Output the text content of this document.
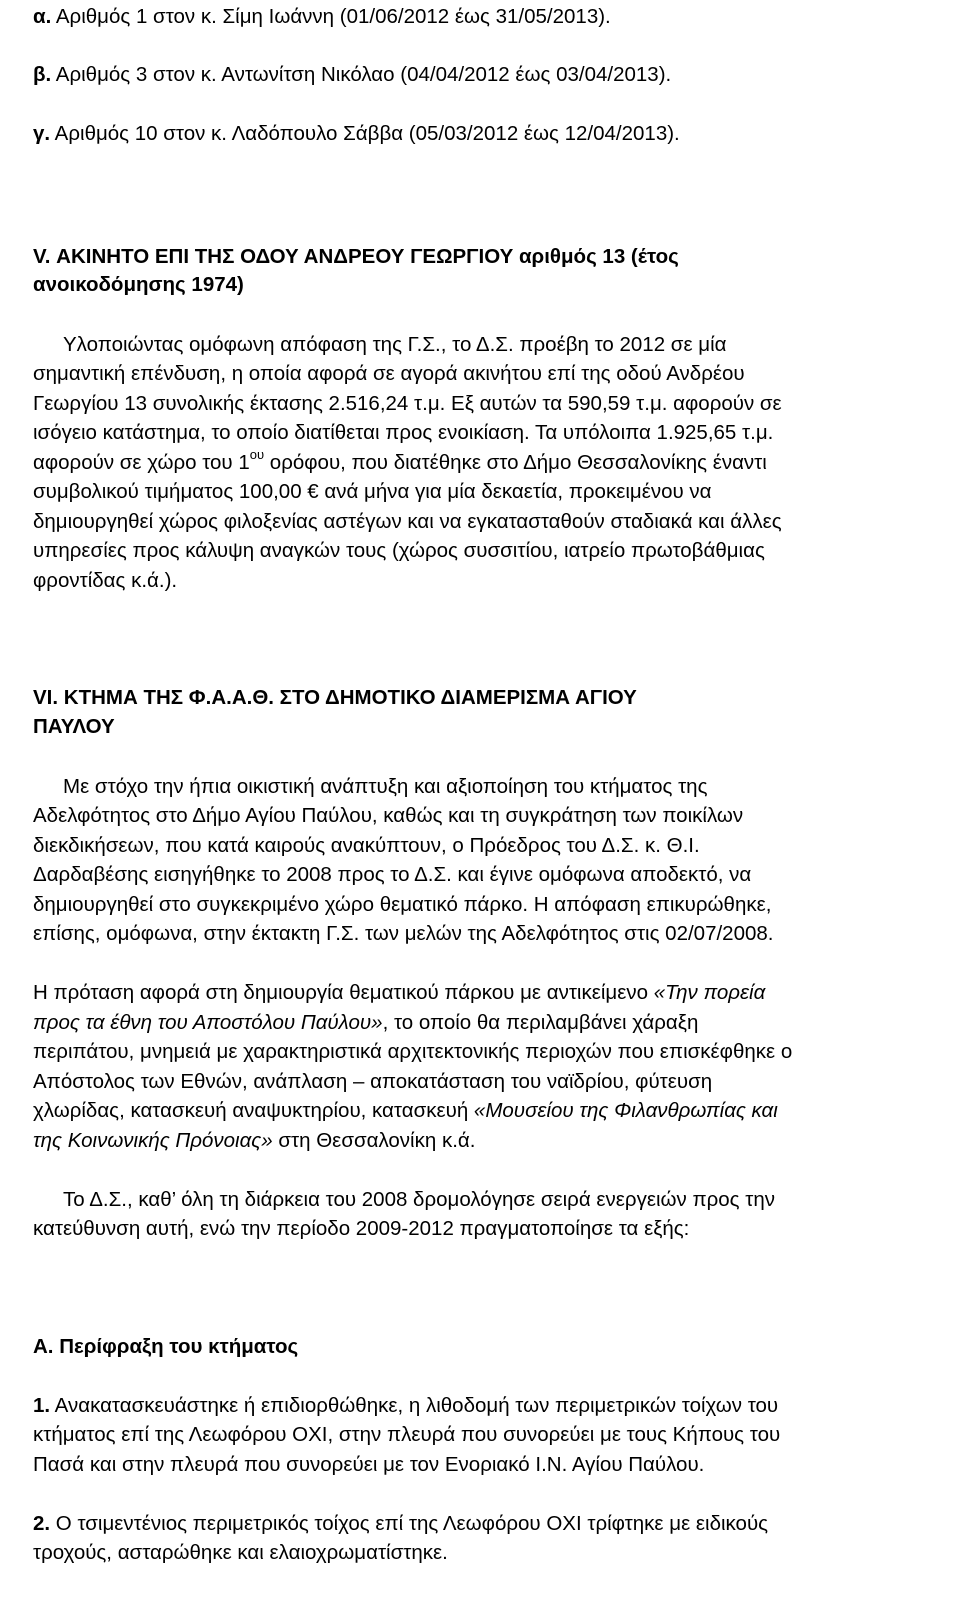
α. Αριθμός 1 στον κ. Σίμη Ιωάννη (01/06/2012 έως 31/05/2013).
β. Αριθμός 3 στον κ. Αντωνίτση Νικόλαο (04/04/2012 έως 03/04/2013).
γ. Αριθμός 10 στον κ. Λαδόπουλο Σάββα (05/03/2012 έως 12/04/2013).
V. ΑΚΙΝΗΤΟ ΕΠΙ ΤΗΣ ΟΔΟΥ ΑΝΔΡΕΟΥ ΓΕΩΡΓΙΟΥ αριθμός 13 (έτος
ανοικοδόμησης 1974)
Υλοποιώντας ομόφωνη απόφαση της Γ.Σ., το Δ.Σ. προέβη το 2012 σε μία
σημαντική επένδυση, η οποία αφορά σε αγορά ακινήτου επί της οδού Ανδρέου
Γεωργίου 13 συνολικής έκτασης 2.516,24 τ.μ. Εξ αυτών τα 590,59 τ.μ. αφορούν σε
ισόγειο κατάστημα, το οποίο διατίθεται προς ενοικίαση. Τα υπόλοιπα 1.925,65 τ.μ.
αφορούν σε χώρο του $1^{o\upsilon}$ ορόφου, που διατέθηκε στο Δήμο Θεσσαλονίκης έναντι
συμβολικού τιμήματος 100,00 € ανά μήνα για μία δεκαετία, προκειμένου να
δημιουργηθεί χώρος φιλοξενίας αστέγων και να εγκατασταθούν σταδιακά και άλλες
υπηρεσίες προς κάλυψη αναγκών τους (χώρος συσσιτίου, ιατρείο πρωτοβάθμιας
φροντίδας κ.ά.).
VI. ΚΤΗΜΑ ΤΗΣ Φ.Α.Α.Θ. ΣΤΟ ΔΗΜΟΤΙΚΟ ΔΙΑΜΕΡΙΣΜΑ ΑΓΙΟΥ
ΠΑΥΛΟΥ
Με στόχο την ήπια οικιστική ανάπτυξη και αξιοποίηση του κτήματος της
Αδελφότητος στο Δήμο Αγίου Παύλου, καθώς και τη συγκράτηση των ποικίλων
διεκδικήσεων, που κατά καιρούς ανακύπτουν, ο Πρόεδρος του Δ.Σ. κ. Θ.Ι.
Δαρδαβέσης εισηγήθηκε το 2008 προς το Δ.Σ. και έγινε ομόφωνα αποδεκτό, να
δημιουργηθεί στο συγκεκριμένο χώρο θεματικό πάρκο. Η απόφαση επικυρώθηκε,
επίσης, ομόφωνα, στην έκτακτη Γ.Σ. των μελών της Αδελφότητος στις 02/07/2008.
Η πρόταση αφορά στη δημιουργία θεματικού πάρκου με αντικείμενο «Την πορεία
προς τα έθνη του Αποστόλου Παύλου», το οποίο θα περιλαμβάνει χάραξη
περιπάτου, μνημειά με χαρακτηριστικά αρχιτεκτονικής περιοχών που επισκέφθηκε ο
Απόστολος των Εθνών, ανάπλαση – αποκατάσταση του ναϊδρίου, φύτευση
χλωρίδας, κατασκευή αναψυκτηρίου, κατασκευή «Μουσείου της Φιλανθρωπίας και
της Κοινωνικής Πρόνοιας» στη Θεσσαλονίκη κ.ά.
Το Δ.Σ., καθ’ όλη τη διάρκεια του 2008 δρομολόγησε σειρά ενεργειών προς την
κατεύθυνση αυτή, ενώ την περίοδο 2009-2012 πραγματοποίησε τα εξής:
Α. Περίφραξη του κτήματος
1. Ανακατασκευάστηκε ή επιδιορθώθηκε, η λιθοδομή των περιμετρικών τοίχων του
κτήματος επί της Λεωφόρου ΟΧΙ, στην πλευρά που συνορεύει με τους Κήπους του
Πασά και στην πλευρά που συνορεύει με τον Ενοριακό Ι.Ν. Αγίου Παύλου.
2. Ο τσιμεντένιος περιμετρικός τοίχος επί της Λεωφόρου ΟΧΙ τρίφτηκε με ειδικούς
τροχούς, ασταρώθηκε και ελαιοχρωματίστηκε.
